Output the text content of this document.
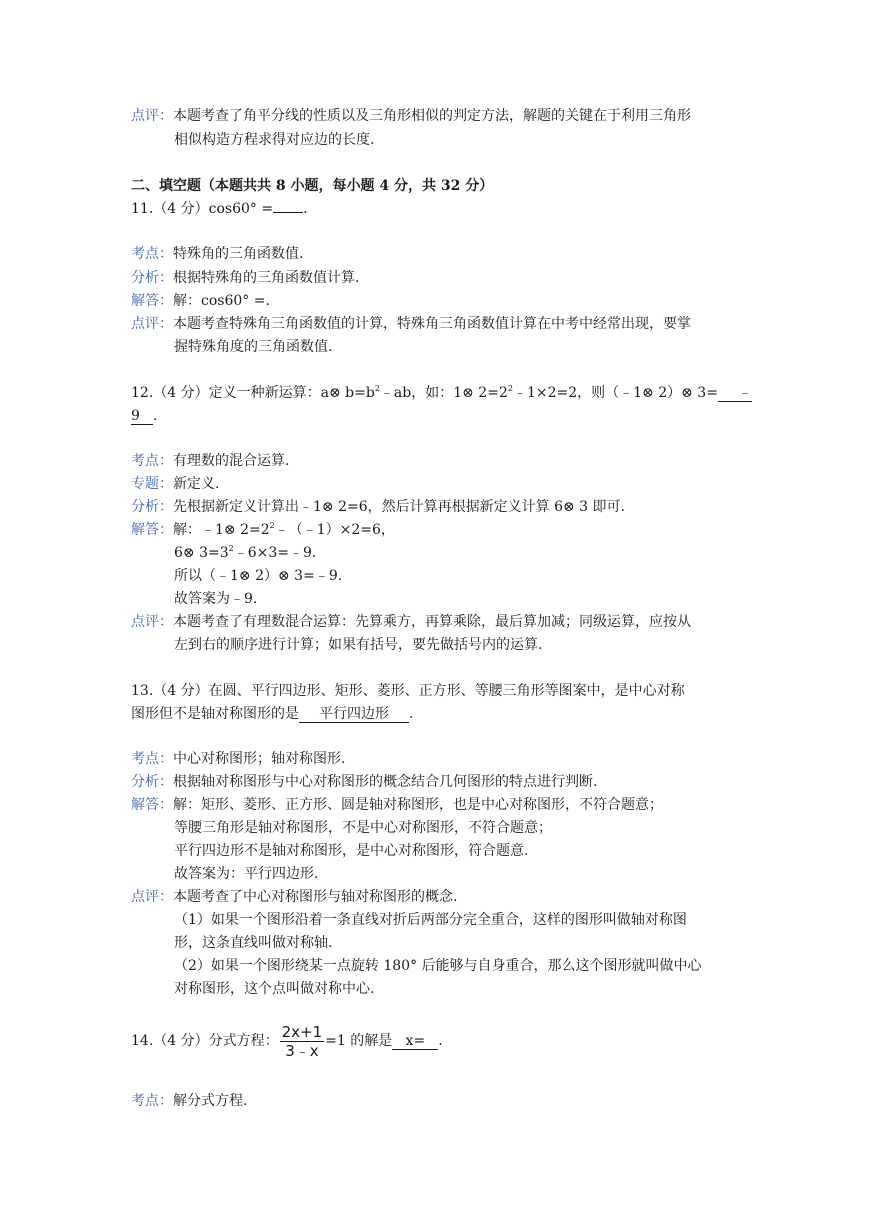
点评：本题考查了角平分线的性质以及三角形相似的判定方法，解题的关键在于利用三角形
相似构造方程求得对应边的长度.
二、填空题（本题共共 8 小题，每小题 4 分，共 32 分）
11.（4 分）cos60° = .
考点：特殊角的三角函数值.
分析：根据特殊角的三角函数值计算.
解答：解：cos60° =.
点评：本题考查特殊角三角函数值的计算，特殊角三角函数值计算在中考中经常出现，要掌
握特殊角度的三角函数值.
12.（4 分）定义一种新运算：a⊗ $b=b^2﹣ab$，如：1⊗ $2=2^2﹣1\times 2=2$，则（﹣1⊗ 2）⊗ 3= ﹣
9 .
考点：有理数的混合运算.
专题：新定义.
分析：先根据新定义计算出﹣1⊗ 2=6，然后计算再根据新定义计算 6⊗ 3 即可.
解答：解：﹣1⊗ $2=2^2﹣(﹣1)\times 2=6$，
6⊗ $3=3^2﹣6\times 3=﹣9$.
所以（﹣1⊗ 2）⊗ 3=﹣9.
故答案为﹣9.
点评：本题考查了有理数混合运算：先算乘方，再算乘除，最后算加减；同级运算，应按从
左到右的顺序进行计算；如果有括号，要先做括号内的运算.
13.（4 分）在圆、平行四边形、矩形、菱形、正方形、等腰三角形等图案中，是中心对称
图形但不是轴对称图形的是 平行四边形 .
考点：中心对称图形；轴对称图形.
分析：根据轴对称图形与中心对称图形的概念结合几何图形的特点进行判断.
解答：解：矩形、菱形、正方形、圆是轴对称图形，也是中心对称图形，不符合题意；
等腰三角形是轴对称图形，不是中心对称图形，不符合题意；
平行四边形不是轴对称图形，是中心对称图形，符合题意.
故答案为：平行四边形.
点评：本题考查了中心对称图形与轴对称图形的概念.
（1）如果一个图形沿着一条直线对折后两部分完全重合，这样的图形叫做轴对称图
形，这条直线叫做对称轴.
（2）如果一个图形绕某一点旋转 180° 后能够与自身重合，那么这个图形就叫做中心
对称图形，这个点叫做对称中心.
14.（4 分）分式方程： $\frac{2x+1}{3﹣x} =1$ 的解是 x= .
考点：解分式方程.
